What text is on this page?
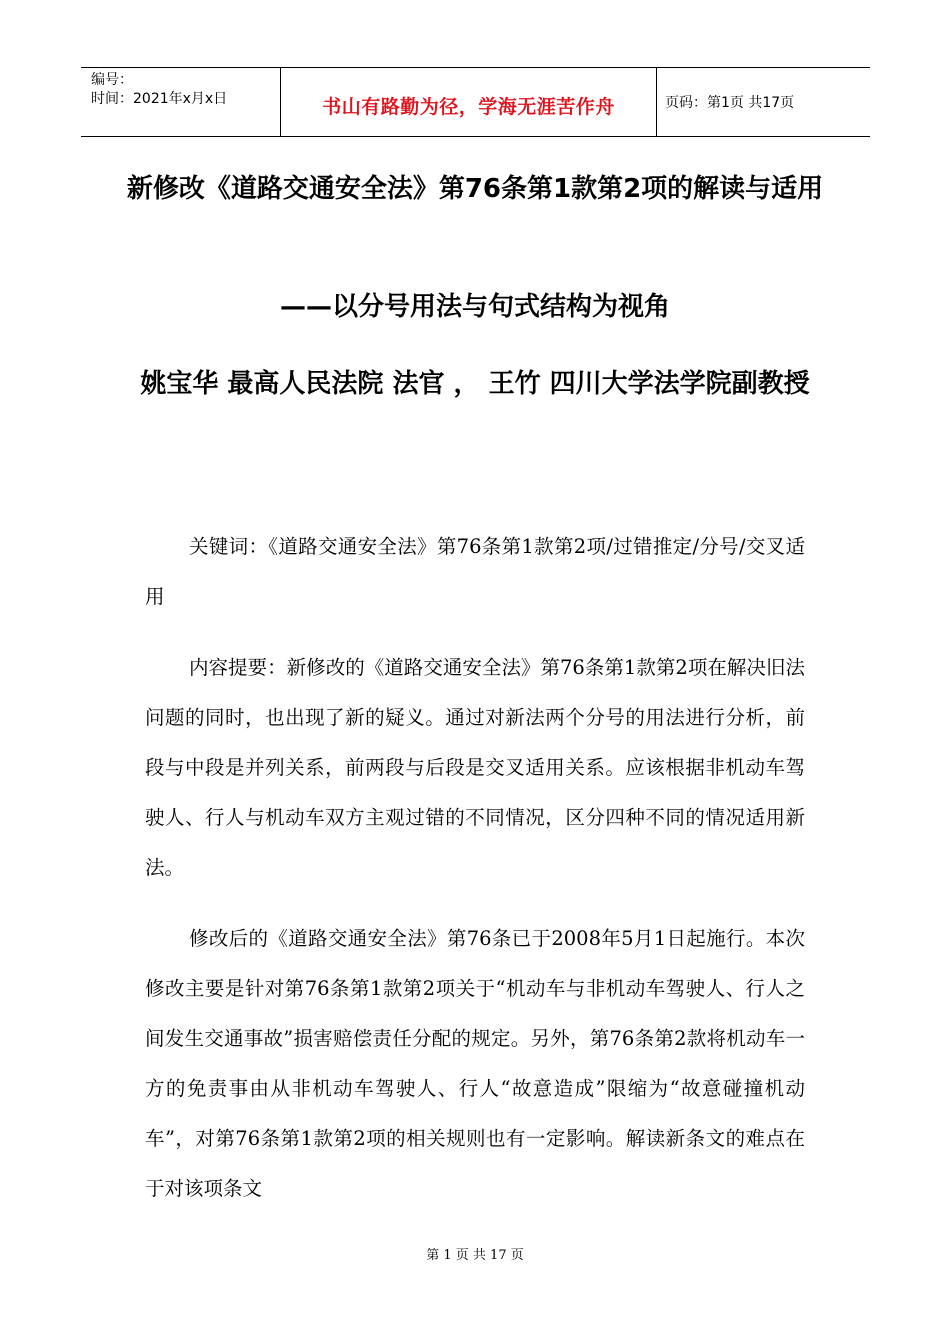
编号：
时间：2021年x月x日	书山有路勤为径，学海无涯苦作舟	页码：第1页 共17页
新修改《道路交通安全法》第76条第1款第2项的解读与适用
——以分号用法与句式结构为视角
姚宝华 最高人民法院 法官 ， 王竹 四川大学法学院副教授

关键词：《道路交通安全法》第76条第1款第2项/过错推定/分号/交叉适用

内容提要：新修改的《道路交通安全法》第76条第1款第2项在解决旧法问题的同时，也出现了新的疑义。通过对新法两个分号的用法进行分析，前段与中段是并列关系，前两段与后段是交叉适用关系。应该根据非机动车驾驶人、行人与机动车双方主观过错的不同情况，区分四种不同的情况适用新法。

修改后的《道路交通安全法》第76条已于2008年5月1日起施行。本次修改主要是针对第76条第1款第2项关于“机动车与非机动车驾驶人、行人之间发生交通事故”损害赔偿责任分配的规定。另外，第76条第2款将机动车一方的免责事由从非机动车驾驶人、行人“故意造成”限缩为“故意碰撞机动车”，对第76条第1款第2项的相关规则也有一定影响。解读新条文的难点在于对该项条文

第 1 页 共 17 页
